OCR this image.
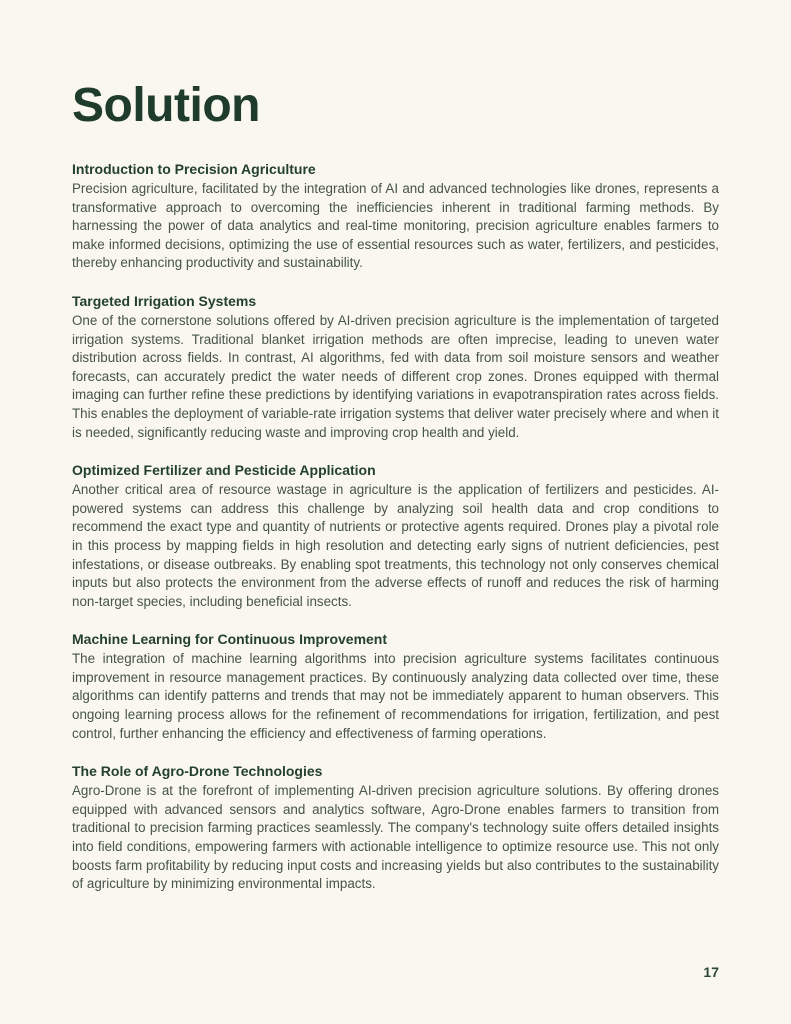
Solution
Introduction to Precision Agriculture

Precision agriculture, facilitated by the integration of AI and advanced technologies like drones, represents a transformative approach to overcoming the inefficiencies inherent in traditional farming methods. By harnessing the power of data analytics and real-time monitoring, precision agriculture enables farmers to make informed decisions, optimizing the use of essential resources such as water, fertilizers, and pesticides, thereby enhancing productivity and sustainability.

Targeted Irrigation Systems

One of the cornerstone solutions offered by AI-driven precision agriculture is the implementation of targeted irrigation systems. Traditional blanket irrigation methods are often imprecise, leading to uneven water distribution across fields. In contrast, AI algorithms, fed with data from soil moisture sensors and weather forecasts, can accurately predict the water needs of different crop zones. Drones equipped with thermal imaging can further refine these predictions by identifying variations in evapotranspiration rates across fields. This enables the deployment of variable-rate irrigation systems that deliver water precisely where and when it is needed, significantly reducing waste and improving crop health and yield.

Optimized Fertilizer and Pesticide Application

Another critical area of resource wastage in agriculture is the application of fertilizers and pesticides. AI-powered systems can address this challenge by analyzing soil health data and crop conditions to recommend the exact type and quantity of nutrients or protective agents required. Drones play a pivotal role in this process by mapping fields in high resolution and detecting early signs of nutrient deficiencies, pest infestations, or disease outbreaks. By enabling spot treatments, this technology not only conserves chemical inputs but also protects the environment from the adverse effects of runoff and reduces the risk of harming non-target species, including beneficial insects.

Machine Learning for Continuous Improvement

The integration of machine learning algorithms into precision agriculture systems facilitates continuous improvement in resource management practices. By continuously analyzing data collected over time, these algorithms can identify patterns and trends that may not be immediately apparent to human observers. This ongoing learning process allows for the refinement of recommendations for irrigation, fertilization, and pest control, further enhancing the efficiency and effectiveness of farming operations.

The Role of Agro-Drone Technologies

Agro-Drone is at the forefront of implementing AI-driven precision agriculture solutions. By offering drones equipped with advanced sensors and analytics software, Agro-Drone enables farmers to transition from traditional to precision farming practices seamlessly. The company's technology suite offers detailed insights into field conditions, empowering farmers with actionable intelligence to optimize resource use. This not only boosts farm profitability by reducing input costs and increasing yields but also contributes to the sustainability of agriculture by minimizing environmental impacts.

17
